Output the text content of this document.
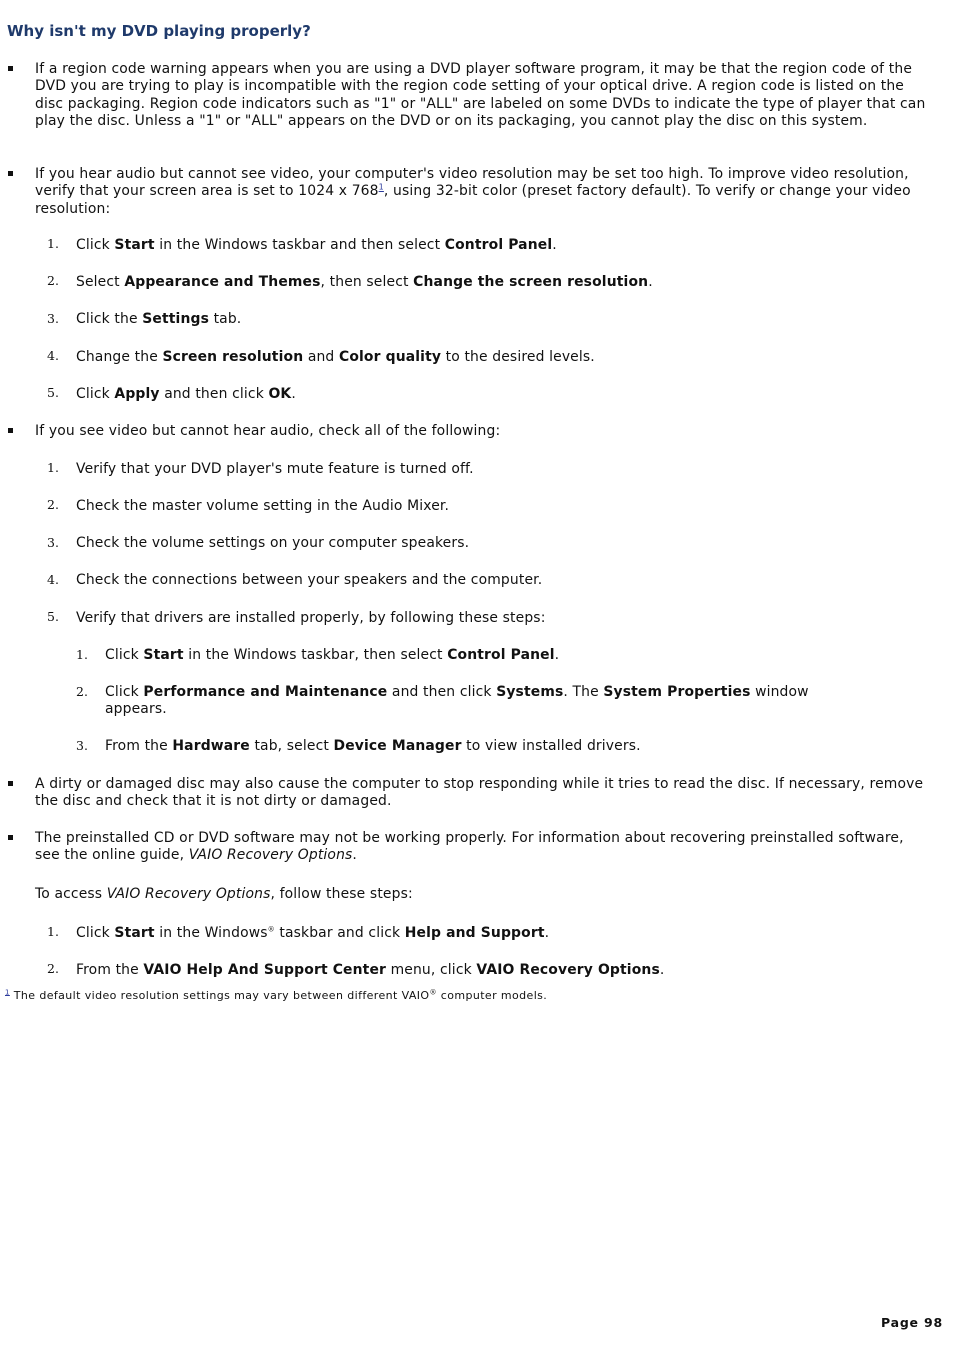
Why isn't my DVD playing properly?
If a region code warning appears when you are using a DVD player software program, it may be that the region code of the DVD you are trying to play is incompatible with the region code setting of your optical drive. A region code is listed on the disc packaging. Region code indicators such as "1" or "ALL" are labeled on some DVDs to indicate the type of player that can play the disc. Unless a "1" or "ALL" appears on the DVD or on its packaging, you cannot play the disc on this system.
If you hear audio but cannot see video, your computer's video resolution may be set too high. To improve video resolution, verify that your screen area is set to 1024 x 768$^1$, using 32-bit color (preset factory default). To verify or change your video resolution:
1. Click Start in the Windows taskbar and then select Control Panel.
2. Select Appearance and Themes, then select Change the screen resolution.
3. Click the Settings tab.
4. Change the Screen resolution and Color quality to the desired levels.
5. Click Apply and then click OK.
If you see video but cannot hear audio, check all of the following:
1. Verify that your DVD player's mute feature is turned off.
2. Check the master volume setting in the Audio Mixer.
3. Check the volume settings on your computer speakers.
4. Check the connections between your speakers and the computer.
5. Verify that drivers are installed properly, by following these steps:
1. Click Start in the Windows taskbar, then select Control Panel.
2. Click Performance and Maintenance and then click Systems. The System Properties window appears.
3. From the Hardware tab, select Device Manager to view installed drivers.
A dirty or damaged disc may also cause the computer to stop responding while it tries to read the disc. If necessary, remove the disc and check that it is not dirty or damaged.
The preinstalled CD or DVD software may not be working properly. For information about recovering preinstalled software, see the online guide, VAIO Recovery Options.
To access VAIO Recovery Options, follow these steps:
1. Click Start in the Windows® taskbar and click Help and Support.
2. From the VAIO Help And Support Center menu, click VAIO Recovery Options.
$^1$ The default video resolution settings may vary between different VAIO® computer models.
Page 98
